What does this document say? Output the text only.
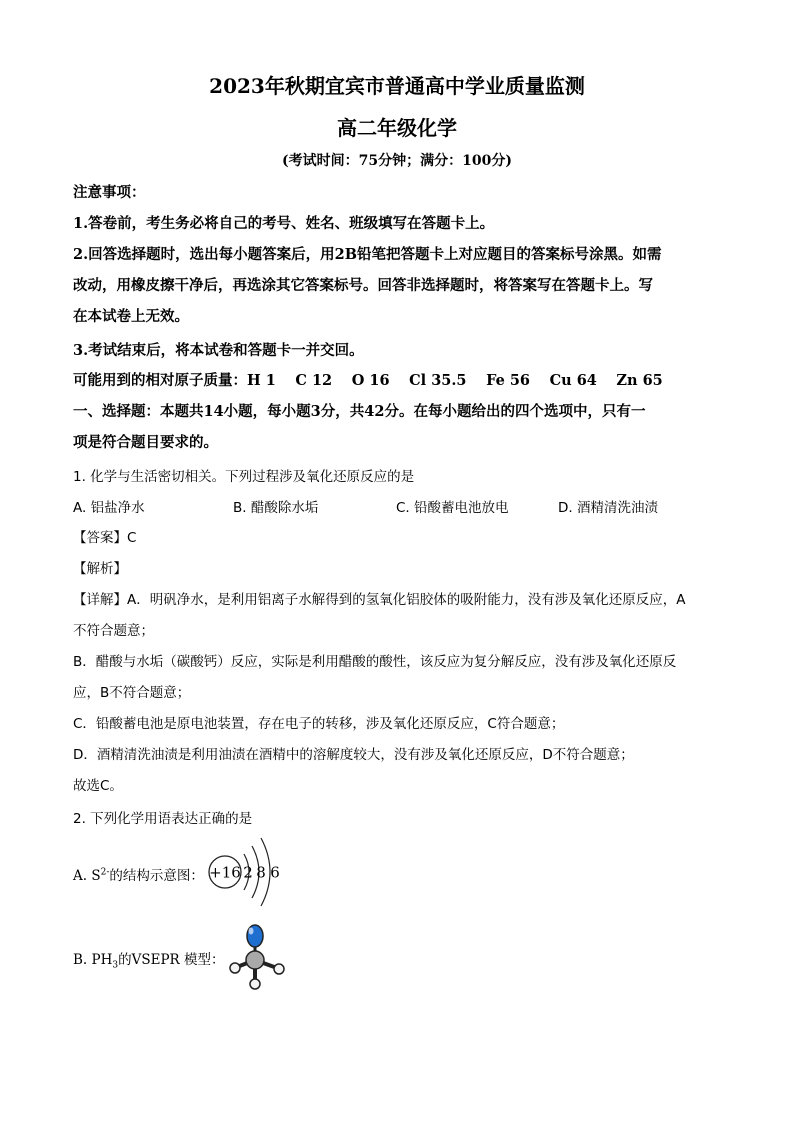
2023年秋期宜宾市普通高中学业质量监测
高二年级化学
(考试时间：75分钟；满分：100分)
注意事项：
1.答卷前，考生务必将自己的考号、姓名、班级填写在答题卡上。
2.回答选择题时，选出每小题答案后，用2B铅笔把答题卡上对应题目的答案标号涂黑。如需
改动，用橡皮擦干净后，再选涂其它答案标号。回答非选择题时，将答案写在答题卡上。写
在本试卷上无效。
3.考试结束后，将本试卷和答题卡一并交回。
可能用到的相对原子质量：H 1　 C 12　 O 16　 Cl 35.5　 Fe 56　 Cu 64　 Zn 65
一、选择题：本题共14小题，每小题3分，共42分。在每小题给出的四个选项中，只有一
项是符合题目要求的。
1. 化学与生活密切相关。下列过程涉及氧化还原反应的是
A. 铝盐净水	B. 醋酸除水垢	C. 铅酸蓄电池放电	D. 酒精清洗油渍
【答案】C
【解析】
【详解】A．明矾净水，是利用铝离子水解得到的氢氧化铝胶体的吸附能力，没有涉及氧化还原反应，A
不符合题意；
B．醋酸与水垢（碳酸钙）反应，实际是利用醋酸的酸性，该反应为复分解反应，没有涉及氧化还原反
应，B不符合题意；
C．铅酸蓄电池是原电池装置，存在电子的转移，涉及氧化还原反应，C符合题意；
D．酒精清洗油渍是利用油渍在酒精中的溶解度较大，没有涉及氧化还原反应，D不符合题意；
故选C。
2. 下列化学用语表达正确的是
A. $S^{2-}$的结构示意图： +16 2 8 6
B. $PH_3$的VSEPR 模型：
